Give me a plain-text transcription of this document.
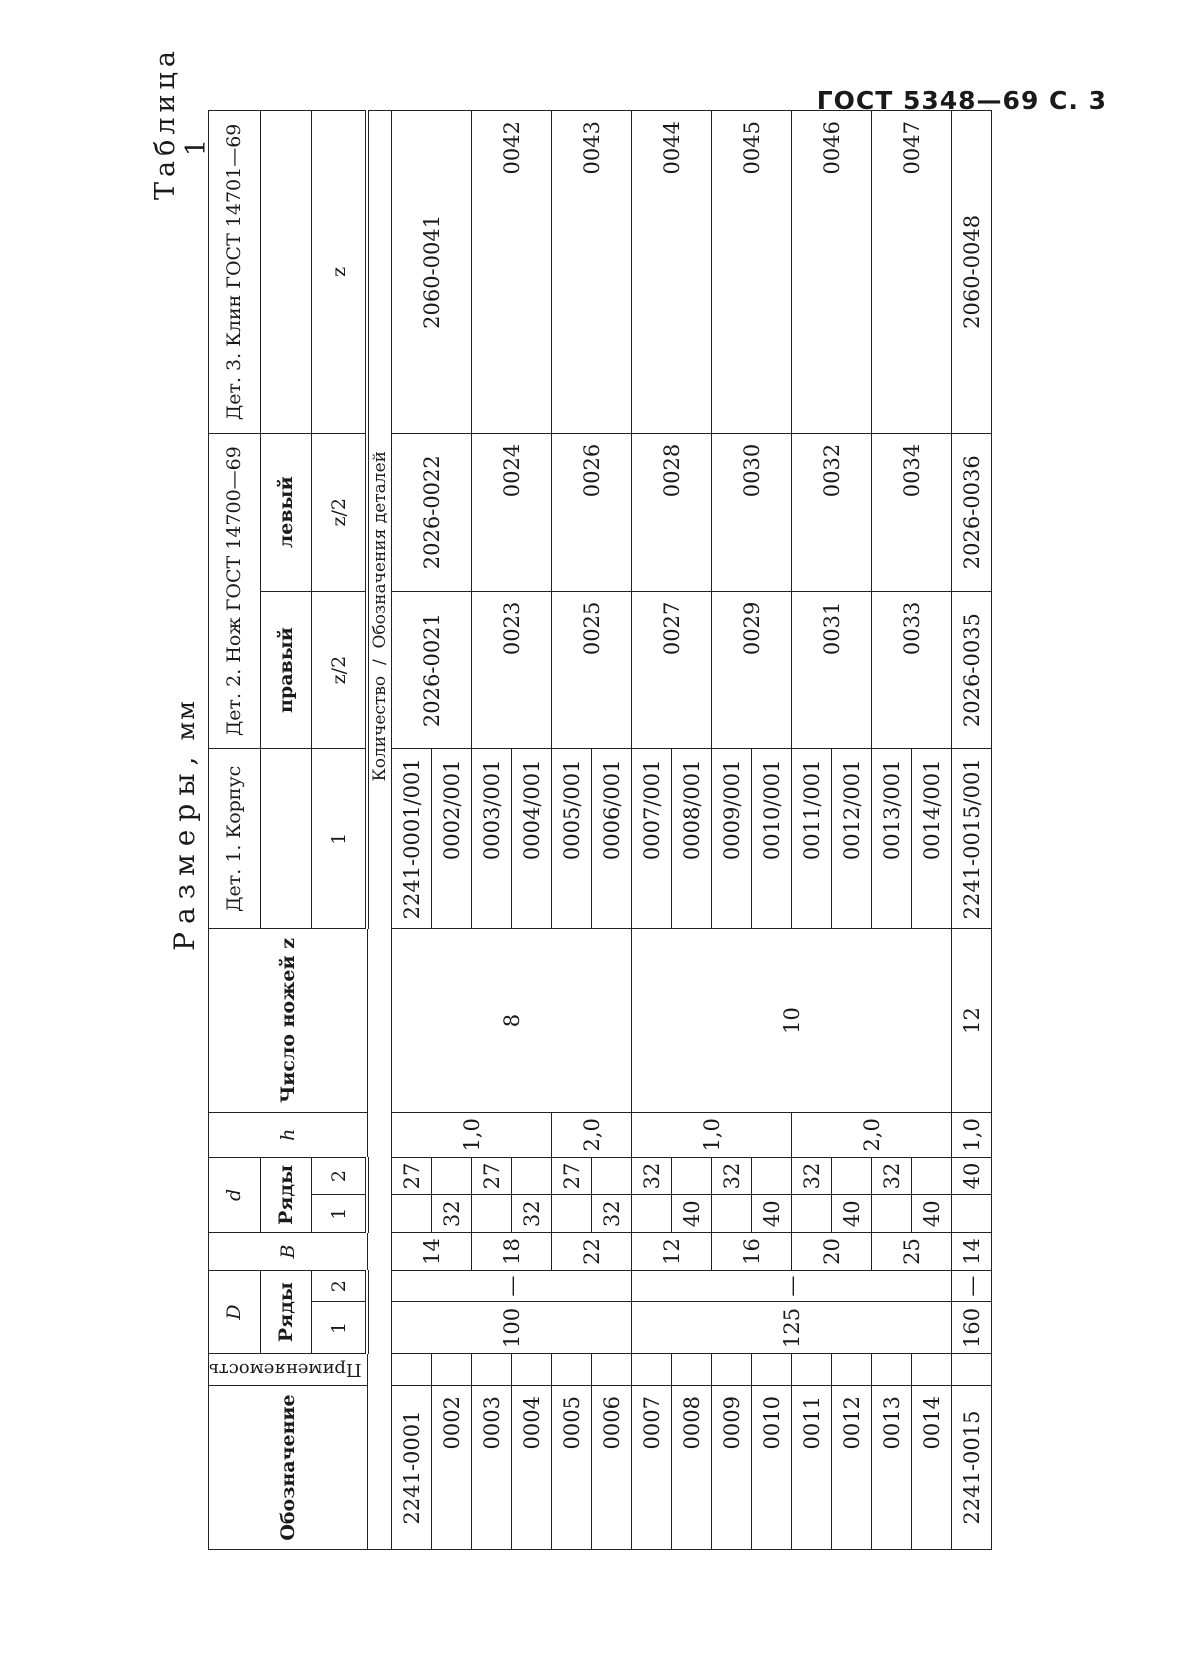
ГОСТ 5348—69 С. 3
Таблица 1
Размеры,мм
Обозначение	Применяемость	D		B	d		h	Число ножей z	Дет. 1. Корпус	Дет. 2. Нож ГОСТ 14700—69		Дет. 3. Клин ГОСТ 14701—69
		Ряды			Ряды					правый	левый	
		1	2		1	2			1	z/2	z/2	z
Количество  /  Обозначения деталей												
2241-0001		100	—	14		27	1,0	8	2241-0001/001	2026-0021	2026-0022	2060-0041
0002					32				0002/001			
0003				18		27			0003/001	0023	0024	0042
0004					32				0004/001			
0005				22		27	2,0		0005/001	0025	0026	0043
0006					32				0006/001			
0007		125	—	12		32	1,0	10	0007/001	0027	0028	0044
0008					40				0008/001			
0009				16		32			0009/001	0029	0030	0045
0010					40				0010/001			
0011				20		32	2,0		0011/001	0031	0032	0046
0012					40				0012/001			
0013				25		32			0013/001	0033	0034	0047
0014					40				0014/001			
2241-0015		160	—	14		40	1,0	12	2241-0015/001	2026-0035	2026-0036	2060-0048
